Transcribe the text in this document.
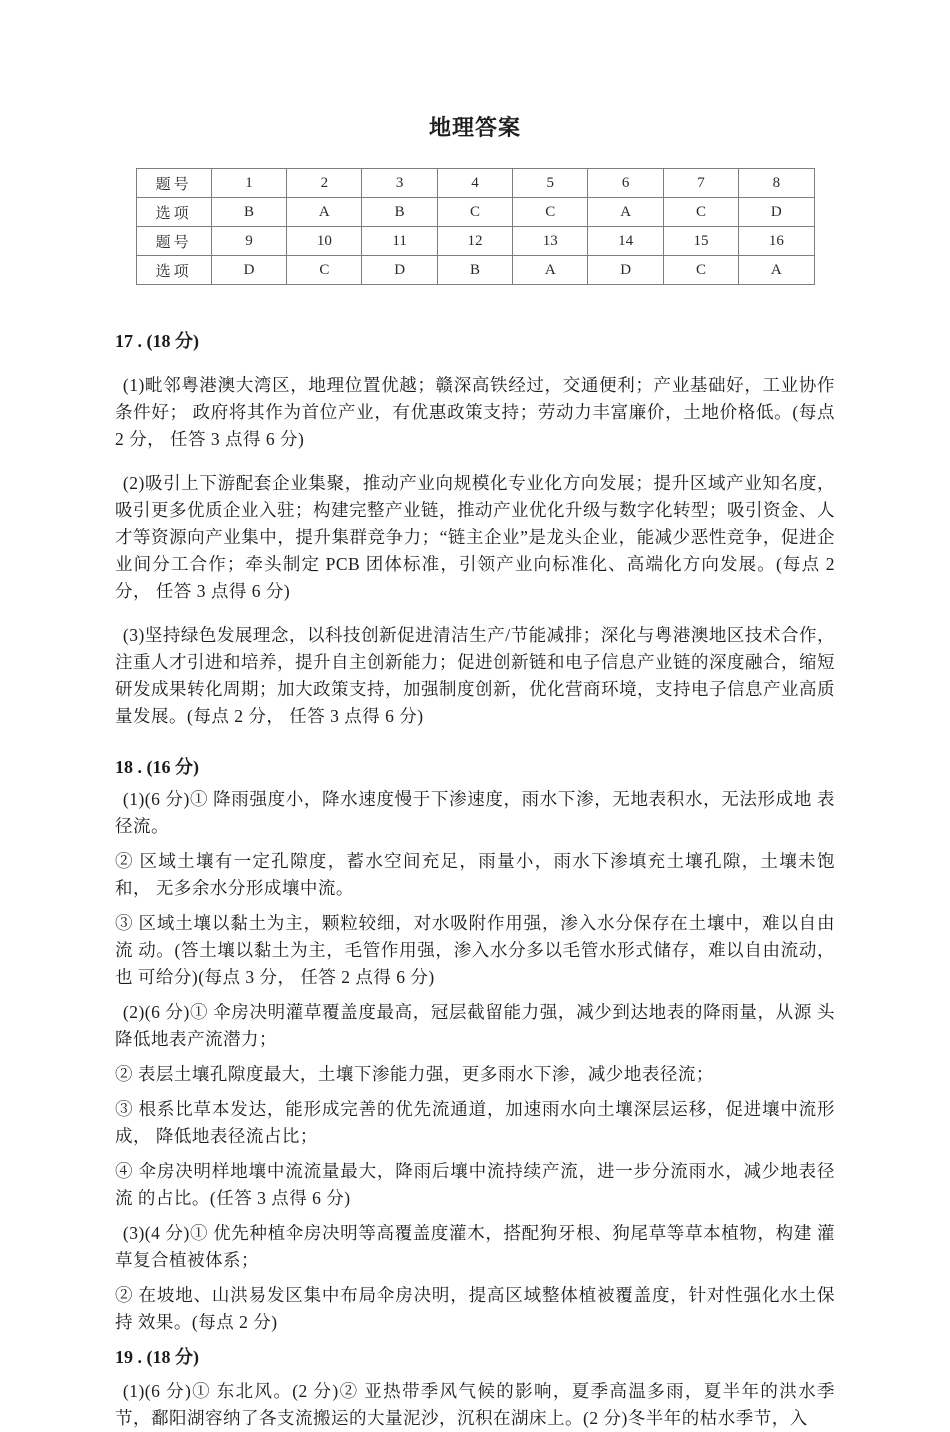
地理答案
题号	1	2	3	4	5	6	7	8
选项	B	A	B	C	C	A	C	D
题号	9	10	11	12	13	14	15	16
选项	D	C	D	B	A	D	C	A
17 . (18 分)

(1)毗邻粤港澳大湾区，地理位置优越；赣深高铁经过，交通便利；产业基础好，工业协作条件好； 政府将其作为首位产业，有优惠政策支持；劳动力丰富廉价，土地价格低。(每点 2 分， 任答 3 点得 6 分)

(2)吸引上下游配套企业集聚，推动产业向规模化专业化方向发展；提升区域产业知名度，吸引更多优质企业入驻；构建完整产业链，推动产业优化升级与数字化转型；吸引资金、人才等资源向产业集中，提升集群竞争力；“链主企业”是龙头企业，能减少恶性竞争，促进企业间分工合作；牵头制定 PCB 团体标准，引领产业向标准化、高端化方向发展。(每点 2 分， 任答 3 点得 6 分)

(3)坚持绿色发展理念，以科技创新促进清洁生产/节能减排；深化与粤港澳地区技术合作，注重人才引进和培养，提升自主创新能力；促进创新链和电子信息产业链的深度融合，缩短研发成果转化周期；加大政策支持，加强制度创新，优化营商环境，支持电子信息产业高质量发展。(每点 2 分， 任答 3 点得 6 分)

18 . (16 分)

(1)(6 分)① 降雨强度小，降水速度慢于下渗速度，雨水下渗，无地表积水，无法形成地 表径流。

② 区域土壤有一定孔隙度，蓄水空间充足，雨量小，雨水下渗填充土壤孔隙，土壤未饱和， 无多余水分形成壤中流。

③ 区域土壤以黏土为主，颗粒较细，对水吸附作用强，渗入水分保存在土壤中，难以自由流 动。(答土壤以黏土为主，毛管作用强，渗入水分多以毛管水形式储存，难以自由流动，也 可给分)(每点 3 分， 任答 2 点得 6 分)

(2)(6 分)① 伞房决明灌草覆盖度最高，冠层截留能力强，减少到达地表的降雨量，从源 头降低地表产流潜力；

② 表层土壤孔隙度最大，土壤下渗能力强，更多雨水下渗，减少地表径流；

③ 根系比草本发达，能形成完善的优先流通道，加速雨水向土壤深层运移，促进壤中流形成， 降低地表径流占比；

④ 伞房决明样地壤中流流量最大，降雨后壤中流持续产流，进一步分流雨水，减少地表径流 的占比。(任答 3 点得 6 分)

(3)(4 分)① 优先种植伞房决明等高覆盖度灌木，搭配狗牙根、狗尾草等草本植物，构建 灌草复合植被体系；

② 在坡地、山洪易发区集中布局伞房决明，提高区域整体植被覆盖度，针对性强化水土保持 效果。(每点 2 分)

19 . (18 分)

(1)(6 分)① 东北风。(2 分)② 亚热带季风气候的影响，夏季高温多雨，夏半年的洪水季 节，鄱阳湖容纳了各支流搬运的大量泥沙，沉积在湖床上。(2 分)冬半年的枯水季节，入
